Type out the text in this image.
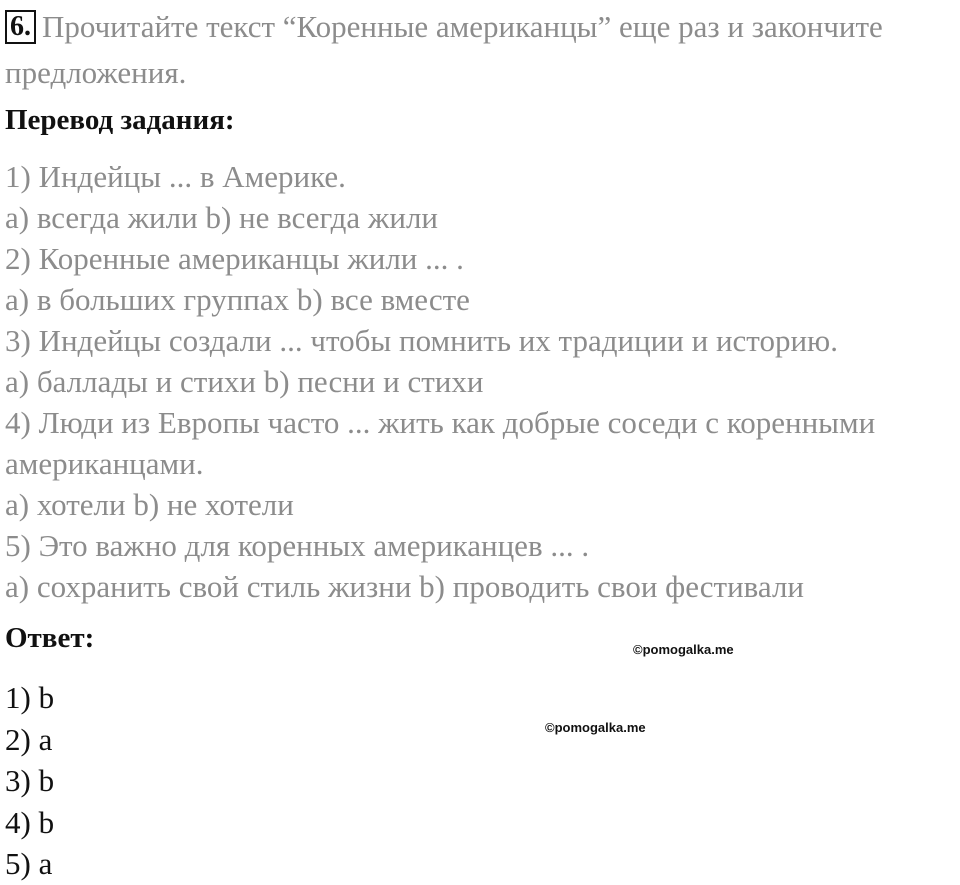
6. Прочитайте текст “Коренные американцы” еще раз и закончите предложения.
Перевод задания:
1) Индейцы ... в Америке.
a) всегда жили b) не всегда жили
2) Коренные американцы жили ... .
a) в больших группах b) все вместе
3) Индейцы создали ... чтобы помнить их традиции и историю.
a) баллады и стихи b) песни и стихи
4) Люди из Европы часто ... жить как добрые соседи с коренными американцами.
a) хотели b) не хотели
5) Это важно для коренных американцев ... .
a) сохранить свой стиль жизни b) проводить свои фестивали
Ответ:	©pomogalka.me
©pomogalka.me
1) b
2) a
3) b
4) b
5) a
